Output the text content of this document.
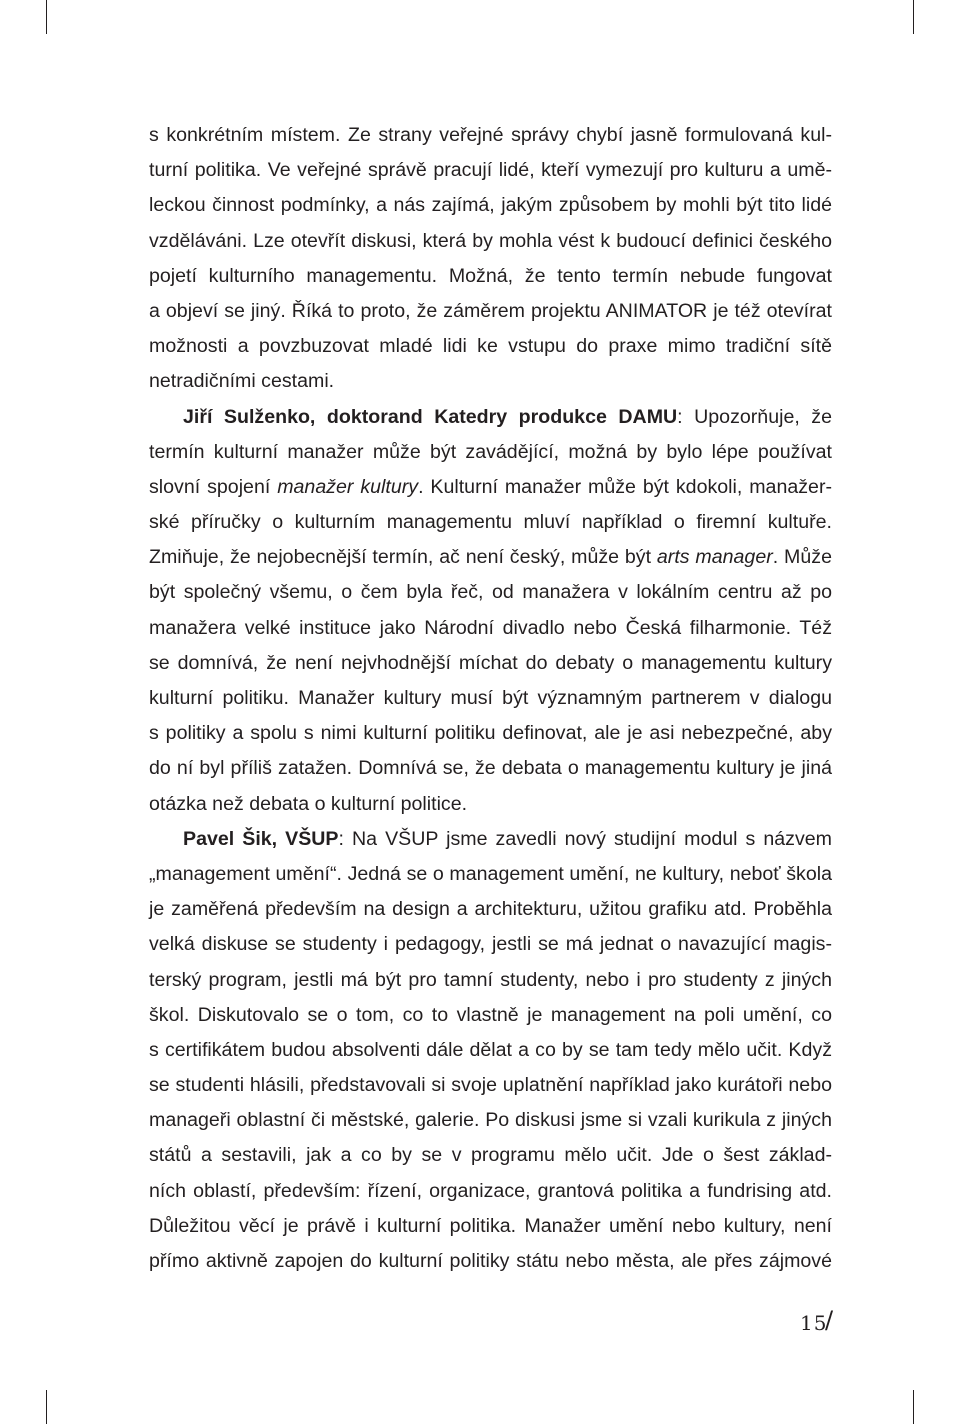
s konkrétním místem. Ze strany veřejné správy chybí jasně formulovaná kul-
turní politika. Ve veřejné správě pracují lidé, kteří vymezují pro kulturu a umě-
leckou činnost podmínky, a nás zajímá, jakým způsobem by mohli být tito lidé
vzděláváni. Lze otevřít diskusi, která by mohla vést k budoucí definici českého
pojetí kulturního managementu. Možná, že tento termín nebude fungovat
a objeví se jiný. Říká to proto, že záměrem projektu ANIMATOR je též otevírat
možnosti a povzbuzovat mladé lidi ke vstupu do praxe mimo tradiční sítě
netradičními cestami.
Jiří Sulženko, doktorand Katedry produkce DAMU: Upozorňuje, že
termín kulturní manažer může být zavádějící, možná by bylo lépe používat
slovní spojení manažer kultury. Kulturní manažer může být kdokoli, manažer-
ské příručky o kulturním managementu mluví například o firemní kultuře.
Zmiňuje, že nejobecnější termín, ač není český, může být arts manager. Může
být společný všemu, o čem byla řeč, od manažera v lokálním centru až po
manažera velké instituce jako Národní divadlo nebo Česká filharmonie. Též
se domnívá, že není nejvhodnější míchat do debaty o managementu kultury
kulturní politiku. Manažer kultury musí být významným partnerem v dialogu
s politiky a spolu s nimi kulturní politiku definovat, ale je asi nebezpečné, aby
do ní byl příliš zatažen. Domnívá se, že debata o managementu kultury je jiná
otázka než debata o kulturní politice.
Pavel Šik, VŠUP: Na VŠUP jsme zavedli nový studijní modul s názvem
„management umění“. Jedná se o management umění, ne kultury, neboť škola
je zaměřená především na design a architekturu, užitou grafiku atd. Proběhla
velká diskuse se studenty i pedagogy, jestli se má jednat o navazující magis-
terský program, jestli má být pro tamní studenty, nebo i pro studenty z jiných
škol. Diskutovalo se o tom, co to vlastně je management na poli umění, co
s certifikátem budou absolventi dále dělat a co by se tam tedy mělo učit. Když
se studenti hlásili, představovali si svoje uplatnění například jako kurátoři nebo
manageři oblastní či městské, galerie. Po diskusi jsme si vzali kurikula z jiných
států a sestavili, jak a co by se v programu mělo učit. Jde o šest základ-
ních oblastí, především: řízení, organizace, grantová politika a fundrising atd.
Důležitou věcí je právě i kulturní politika. Manažer umění nebo kultury, není
přímo aktivně zapojen do kulturní politiky státu nebo města, ale přes zájmové
15
/
